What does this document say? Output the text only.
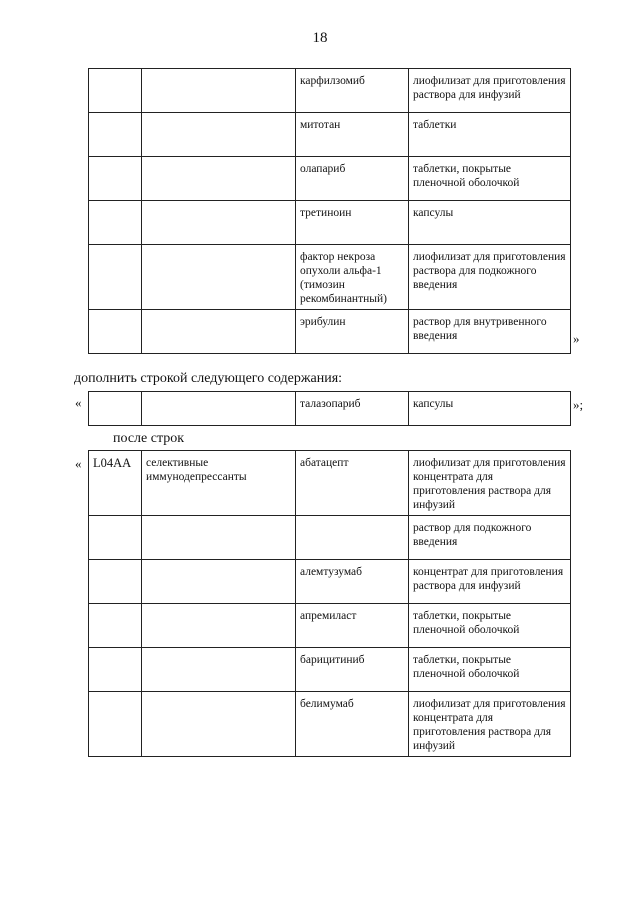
18
		карфилзомиб	лиофилизат для приготовления раствора для инфузий
		митотан	таблетки
		олапариб	таблетки, покрытые пленочной оболочкой
		третиноин	капсулы
		фактор некроза опухоли альфа-1 (тимозин рекомбинантный)	лиофилизат для приготовления раствора для подкожного введения
		эрибулин	раствор для внутривенного введения	»
дополнить строкой следующего содержания:
«
			талазопариб	капсулы	»;
после строк
« L04AA	селективные иммунодепрессанты	абатацепт	лиофилизат для приготовления концентрата для приготовления раствора для инфузий
			раствор для подкожного введения
		алемтузумаб	концентрат для приготовления раствора для инфузий
		апремиласт	таблетки, покрытые пленочной оболочкой
		барицитиниб	таблетки, покрытые пленочной оболочкой
		белимумаб	лиофилизат для приготовления концентрата для приготовления раствора для инфузий
